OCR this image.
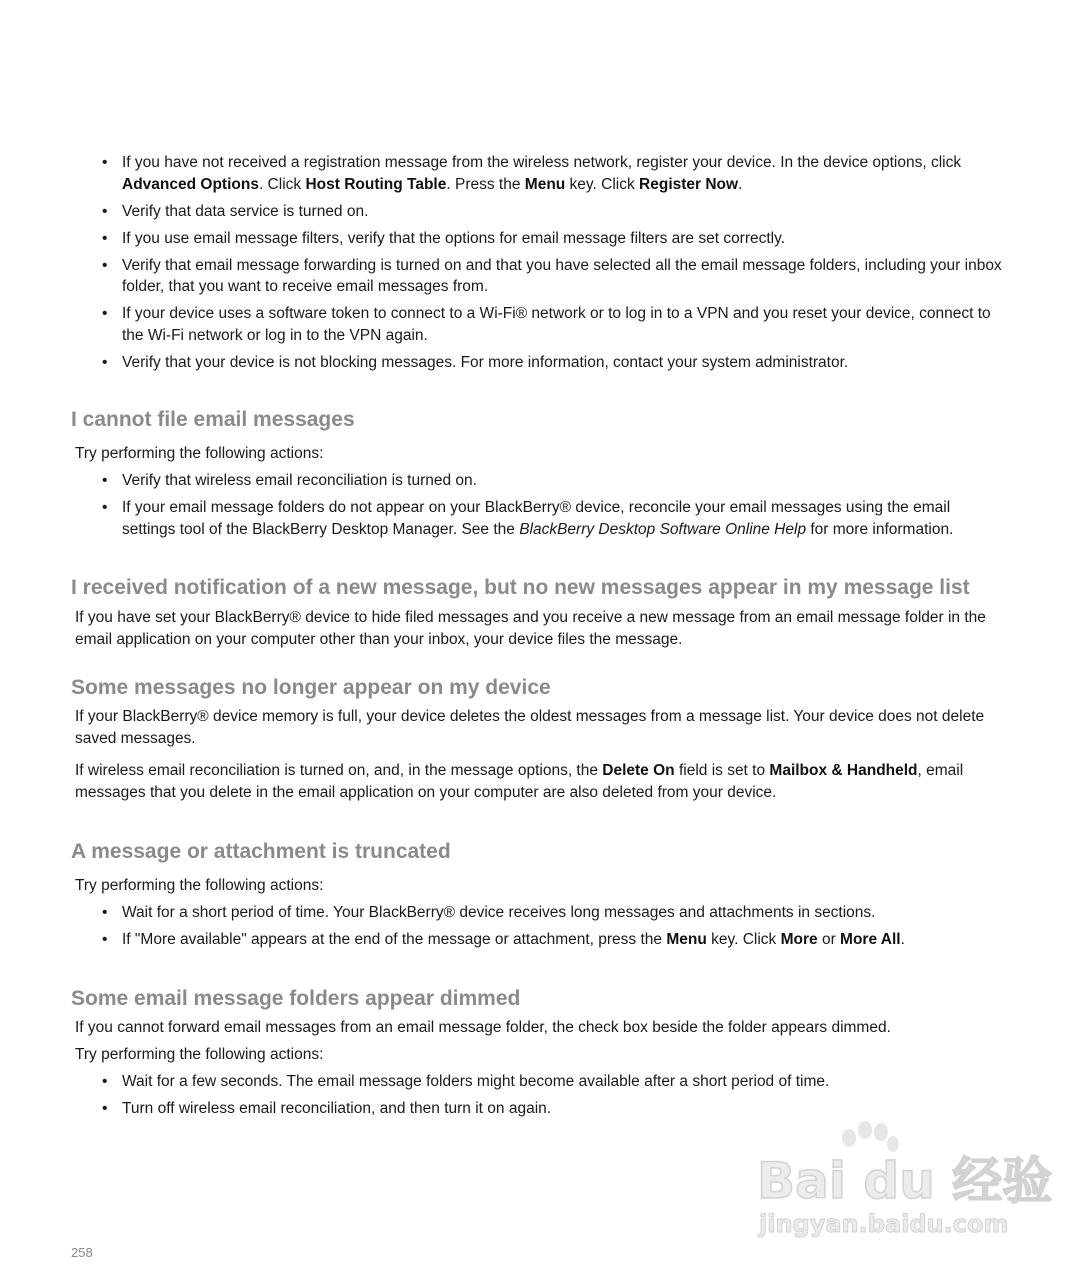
• If you have not received a registration message from the wireless network, register your device. In the device options, click Advanced Options. Click Host Routing Table. Press the Menu key. Click Register Now.
• Verify that data service is turned on.
• If you use email message filters, verify that the options for email message filters are set correctly.
• Verify that email message forwarding is turned on and that you have selected all the email message folders, including your inbox folder, that you want to receive email messages from.
• If your device uses a software token to connect to a Wi-Fi® network or to log in to a VPN and you reset your device, connect to the Wi-Fi network or log in to the VPN again.
• Verify that your device is not blocking messages. For more information, contact your system administrator.
I cannot file email messages

Try performing the following actions:

• Verify that wireless email reconciliation is turned on.
• If your email message folders do not appear on your BlackBerry® device, reconcile your email messages using the email settings tool of the BlackBerry Desktop Manager. See the BlackBerry Desktop Software Online Help for more information.
I received notification of a new message, but no new messages appear in my message list

If you have set your BlackBerry® device to hide filed messages and you receive a new message from an email message folder in the email application on your computer other than your inbox, your device files the message.

Some messages no longer appear on my device

If your BlackBerry® device memory is full, your device deletes the oldest messages from a message list. Your device does not delete saved messages.

If wireless email reconciliation is turned on, and, in the message options, the Delete On field is set to Mailbox & Handheld, email messages that you delete in the email application on your computer are also deleted from your device.

A message or attachment is truncated

Try performing the following actions:

• Wait for a short period of time. Your BlackBerry® device receives long messages and attachments in sections.
• If "More available" appears at the end of the message or attachment, press the Menu key. Click More or More All.
Some email message folders appear dimmed

If you cannot forward email messages from an email message folder, the check box beside the folder appears dimmed.

Try performing the following actions:

• Wait for a few seconds. The email message folders might become available after a short period of time.
• Turn off wireless email reconciliation, and then turn it on again.
258
Bai du 经验
jingyan.baidu.com
